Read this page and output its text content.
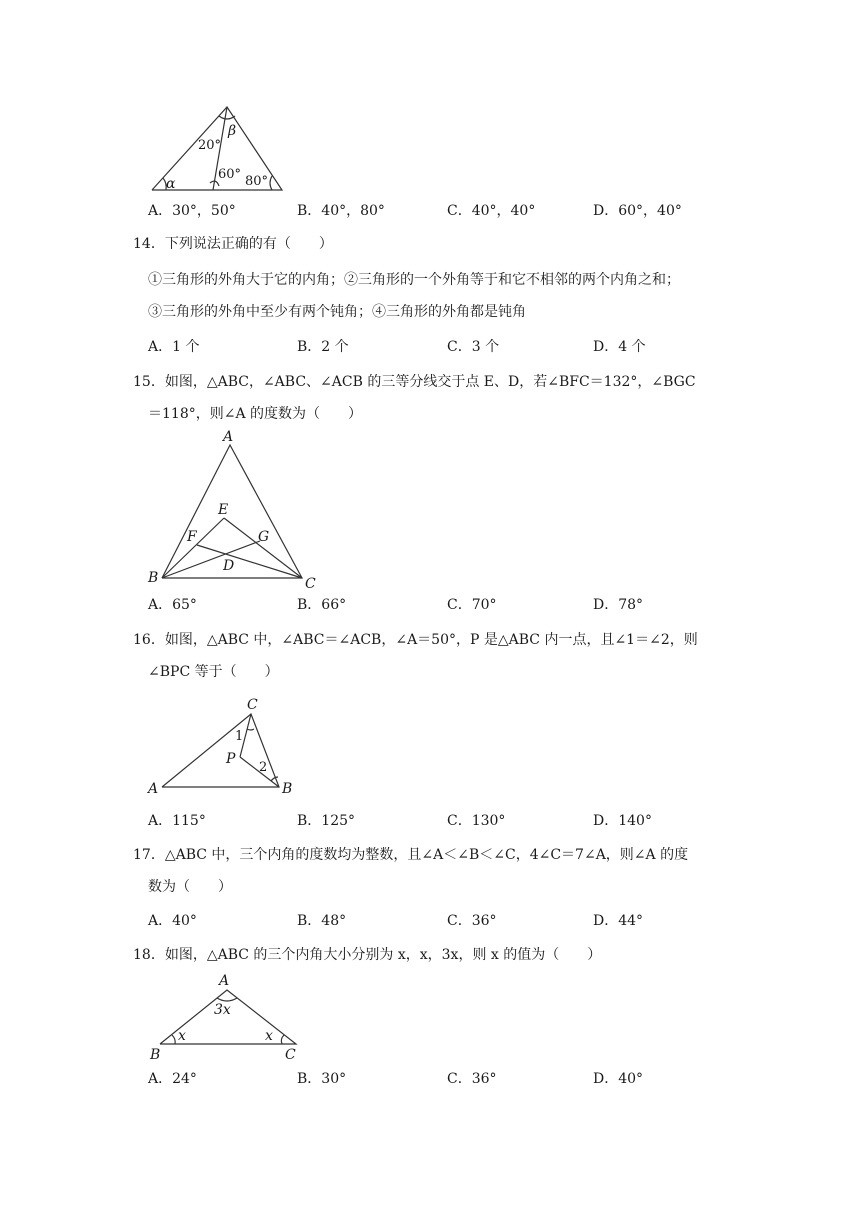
α
β
20°
60° 80°
A．30°，50°	B．40°，80°	C．40°，40°	D．60°，40°
14．下列说法正确的有（　　）
①三角形的外角大于它的内角；②三角形的一个外角等于和它不相邻的两个内角之和；
③三角形的外角中至少有两个钝角；④三角形的外角都是钝角
A．1 个	B．2 个	C．3 个	D．4 个
15．如图，△ABC，∠ABC、∠ACB 的三等分线交于点 E、D，若∠BFC＝132°，∠BGC
＝118°，则∠A 的度数为（　　）
A
B	C
D
E
F	G
A．65°	B．66°	C．70°	D．78°
16．如图，△ABC 中，∠ABC＝∠ACB，∠A＝50°，P 是△ABC 内一点，且∠1＝∠2，则
∠BPC 等于（　　）
A	B
C
P
1
2
A．115°	B．125°	C．130°	D．140°
17．△ABC 中，三个内角的度数均为整数，且∠A＜∠B＜∠C，4∠C＝7∠A，则∠A 的度
数为（　　）
A．40°	B．48°	C．36°	D．44°
18．如图，△ABC 的三个内角大小分别为 x，x，3x，则 x 的值为（　　）
A
B	C
x	x
3x
A．24°	B．30°	C．36°	D．40°
